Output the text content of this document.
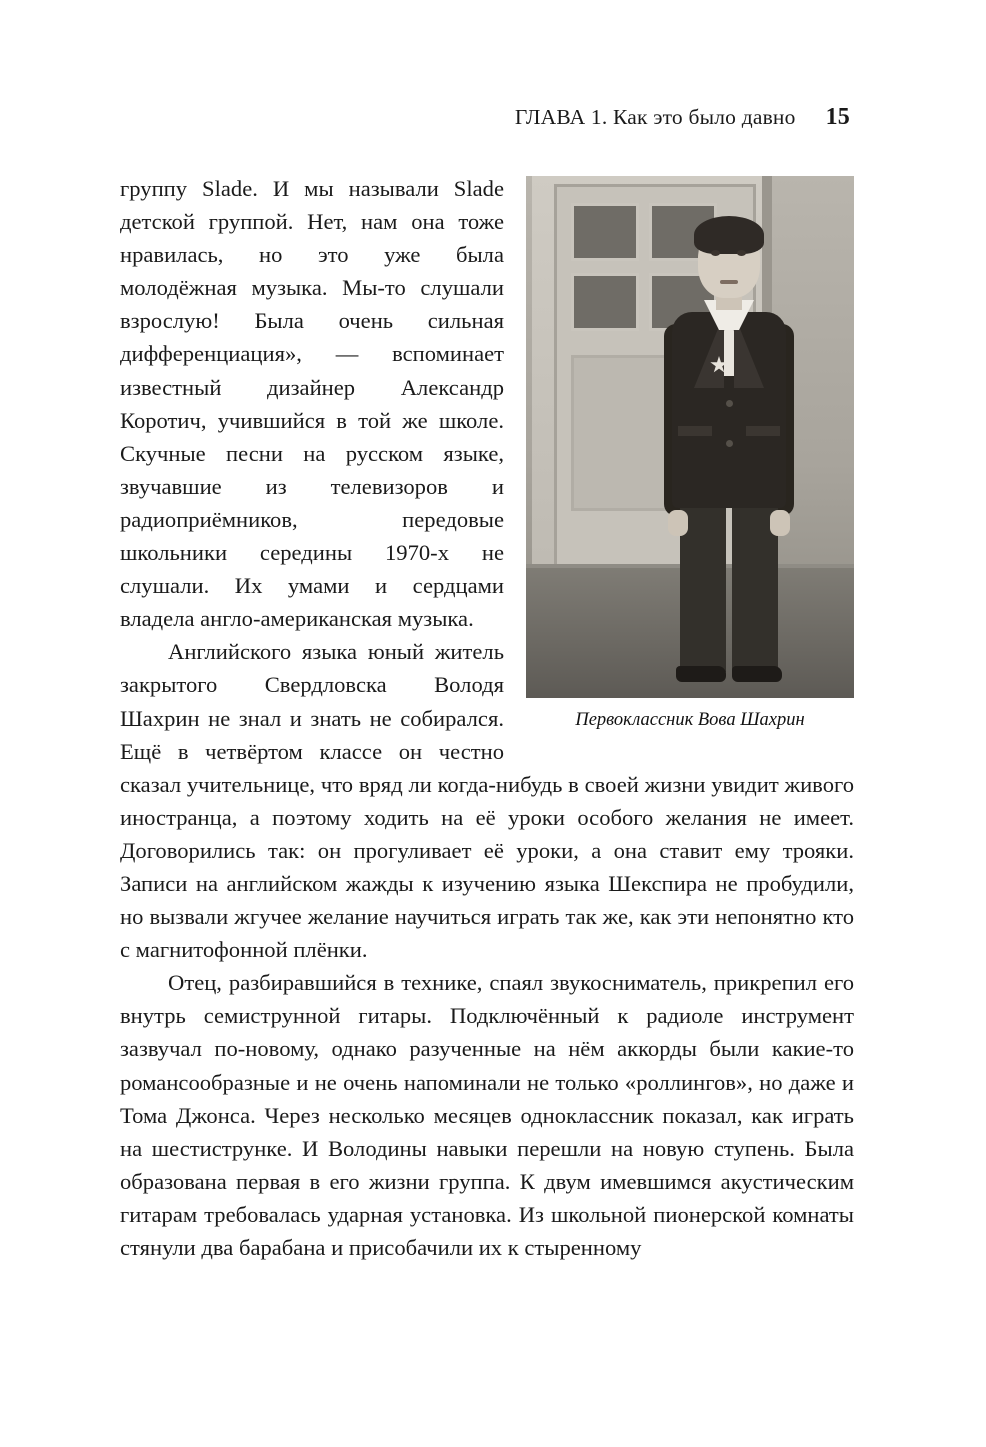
ГЛАВА 1. Как это было давно 15
Первоклассник Вова Шахрин

группу Slade. И мы называли Slade детской группой. Нет, нам она тоже нравилась, но это уже была молодёжная музыка. Мы-то слушали взрослую! Была очень сильная дифференциация», — вспоминает известный дизайнер Александр Коротич, учившийся в той же школе. Скучные песни на русском языке, звучавшие из телевизоров и радиоприёмников, передовые школьники середины 1970-х не слушали. Их умами и сердцами владела англо-американская музыка.

Английского языка юный житель закрытого Свердловска Володя Шахрин не знал и знать не собирался. Ещё в четвёртом классе он честно сказал учительнице, что вряд ли когда-нибудь в своей жизни увидит живого иностранца, а поэтому ходить на её уроки особого желания не имеет. Договорились так: он прогуливает её уроки, а она ставит ему трояки. Записи на английском жажды к изучению языка Шекспира не пробудили, но вызвали жгучее желание научиться играть так же, как эти непонятно кто с магнитофонной плёнки.

Отец, разбиравшийся в технике, спаял звукосниматель, прикрепил его внутрь семиструнной гитары. Подключённый к радиоле инструмент зазвучал по-новому, однако разученные на нём аккорды были какие-то романсообразные и не очень напоминали не только «роллингов», но даже и Тома Джонса. Через несколько месяцев одноклассник показал, как играть на шестиструнке. И Володины навыки перешли на новую ступень. Была образована первая в его жизни группа. К двум имевшимся акустическим гитарам требовалась ударная установка. Из школьной пионерской комнаты стянули два барабана и присобачили их к стыренному
